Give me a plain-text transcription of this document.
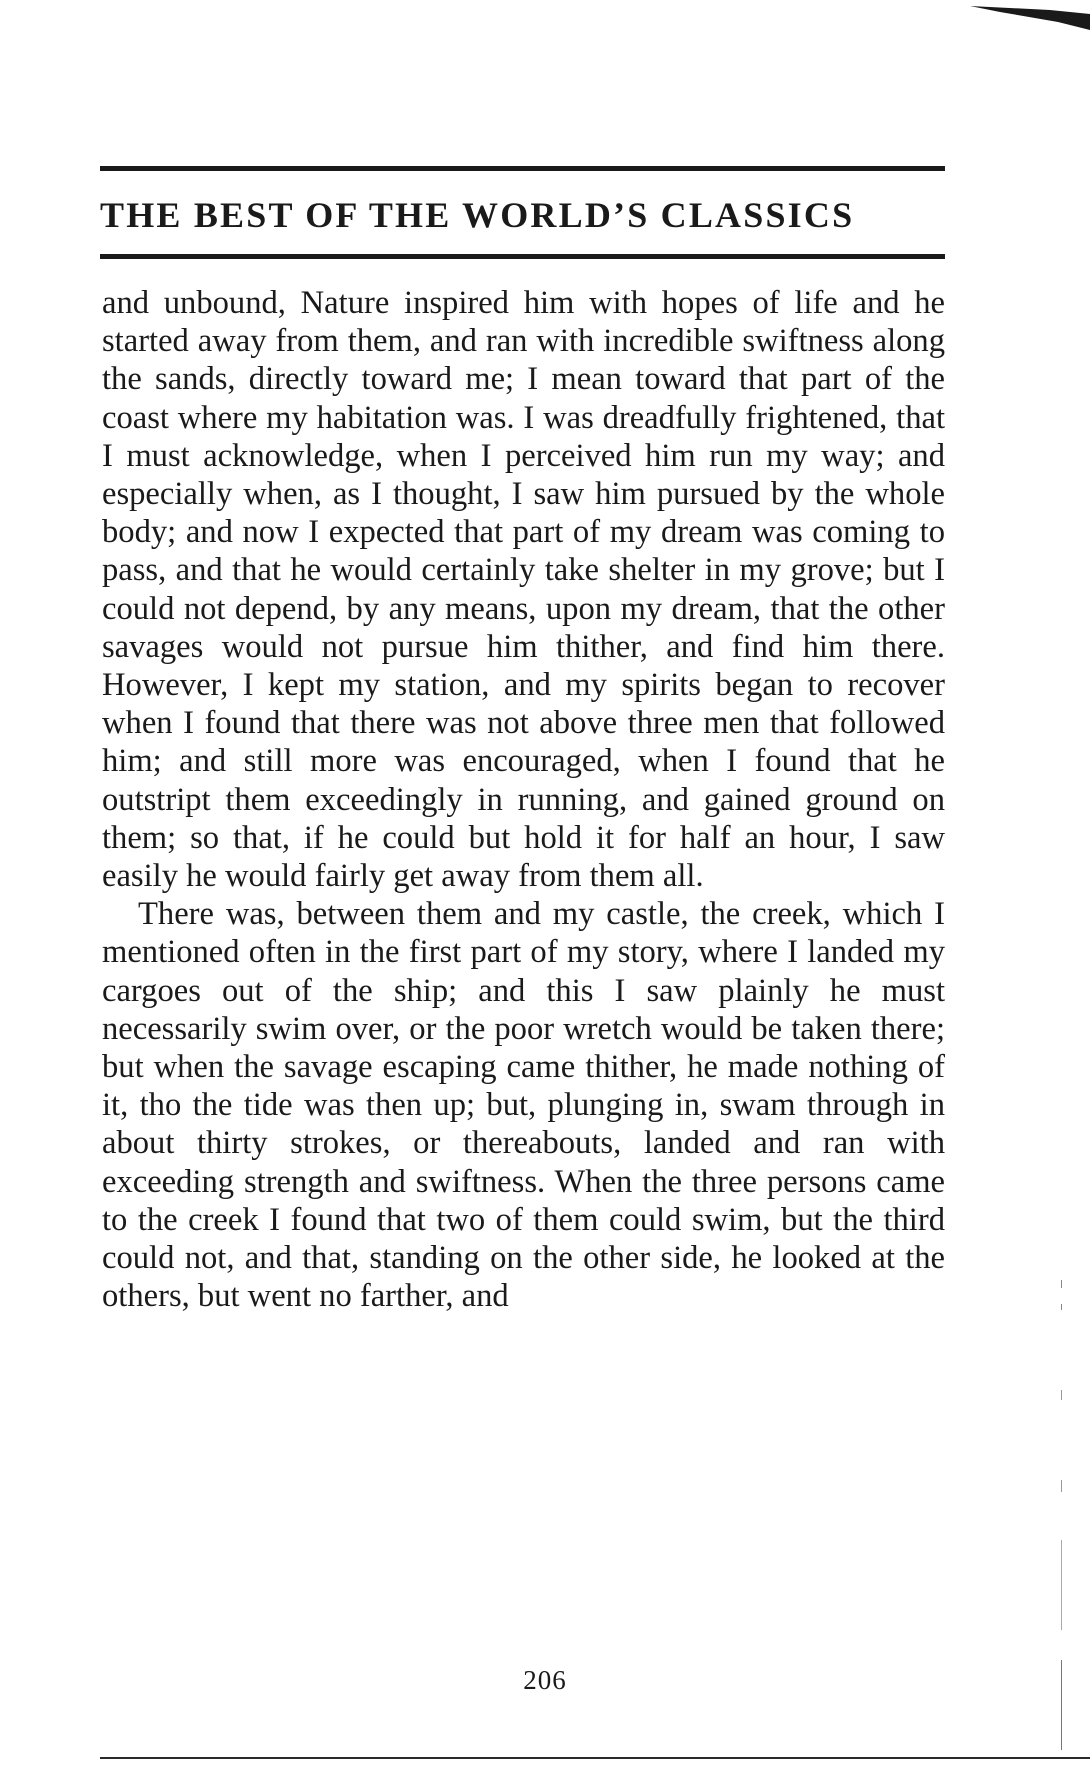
THE BEST OF THE WORLD’S CLASSICS

and unbound, Nature inspired him with hopes of life and he started away from them, and ran with incredible swiftness along the sands, directly toward me; I mean toward that part of the coast where my habitation was. I was dreadfully frightened, that I must acknowledge, when I perceived him run my way; and especially when, as I thought, I saw him pursued by the whole body; and now I expected that part of my dream was coming to pass, and that he would certainly take shelter in my grove; but I could not depend, by any means, upon my dream, that the other savages would not pursue him thither, and find him there. However, I kept my station, and my spirits began to recover when I found that there was not above three men that followed him; and still more was encouraged, when I found that he outstript them exceedingly in running, and gained ground on them; so that, if he could but hold it for half an hour, I saw easily he would fairly get away from them all.

There was, between them and my castle, the creek, which I mentioned often in the first part of my story, where I landed my cargoes out of the ship; and this I saw plainly he must necessarily swim over, or the poor wretch would be taken there; but when the savage escaping came thither, he made nothing of it, tho the tide was then up; but, plunging in, swam through in about thirty strokes, or thereabouts, landed and ran with exceeding strength and swiftness. When the three persons came to the creek I found that two of them could swim, but the third could not, and that, standing on the other side, he looked at the others, but went no farther, and

206
